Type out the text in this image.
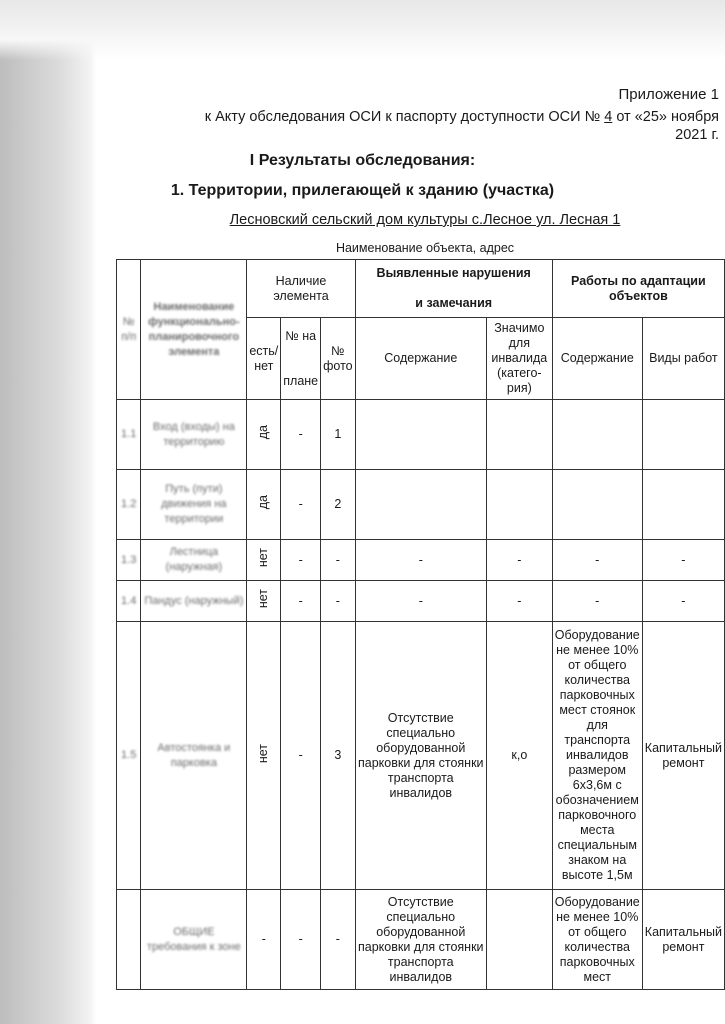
Приложение 1
к Акту обследования ОСИ к паспорту доступности ОСИ № 4 от «25» ноября
2021 г.
I Результаты обследования:
1. Территории, прилегающей к зданию (участка)
Лесновский сельский дом культуры с.Лесное ул. Лесная 1
Наименование объекта, адрес
№ п/п	Наименование функционально-планировочного элемента	Наличие элемента			Выявленные нарушения

и замечания		Работы по адаптации объектов	
		есть/ нет	№ на

плане	№ фото	Содержание	Значимо для инвалида (катего-рия)	Содержание	Виды работ
1.1	Вход (входы) на территорию	да	-	1				
1.2	Путь (пути) движения на территории	да	-	2				
1.3	Лестница (наружная)	нет	-	-	-	-	-	-
1.4	Пандус (наружный)	нет	-	-	-	-	-	-
1.5	Автостоянка и парковка	нет	-	3	Отсутствие специально оборудованной парковки для стоянки транспорта инвалидов	к,о	Оборудование не менее 10% от общего количества парковочных мест стоянок для транспорта инвалидов размером 6х3,6м с обозначением парковочного места специальным знаком на высоте 1,5м	Капитальный ремонт
	ОБЩИЕ требования к зоне	-	-	-	Отсутствие специально оборудованной парковки для стоянки транспорта инвалидов		Оборудование не менее 10% от общего количества парковочных мест	Капитальный ремонт
